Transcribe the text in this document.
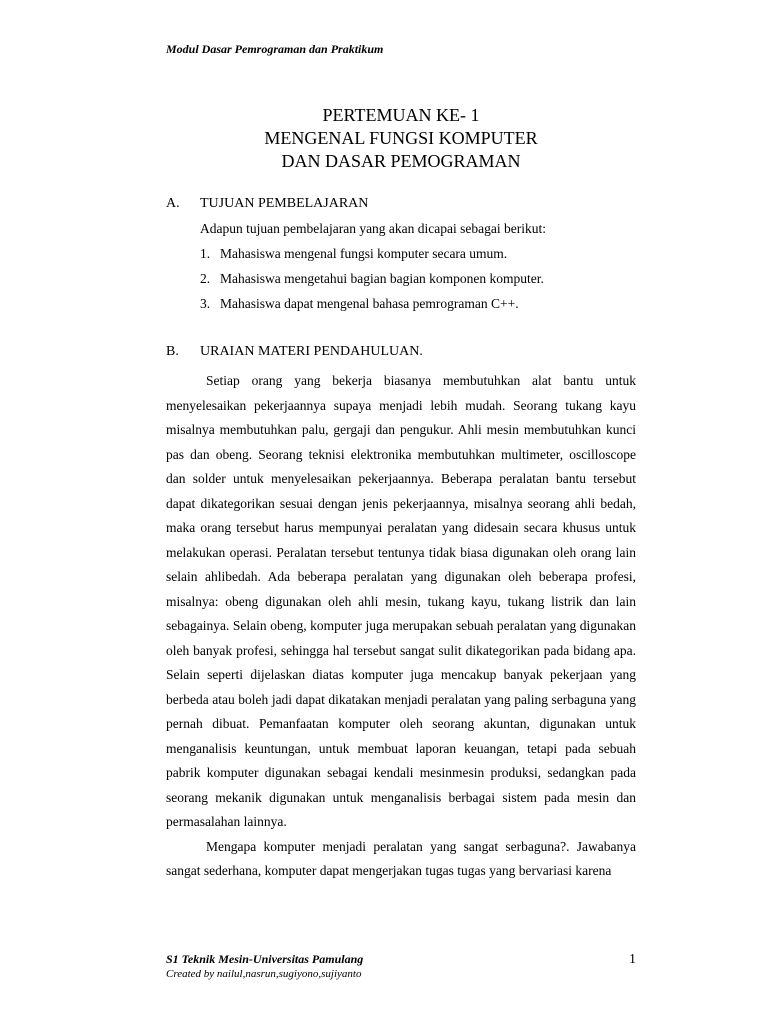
Modul Dasar Pemrograman dan Praktikum
PERTEMUAN KE- 1
MENGENAL FUNGSI KOMPUTER
DAN DASAR PEMOGRAMAN
A. TUJUAN PEMBELAJARAN
Adapun tujuan pembelajaran yang akan dicapai sebagai berikut:
1. Mahasiswa mengenal fungsi komputer secara umum.
2. Mahasiswa mengetahui bagian bagian komponen komputer.
3. Mahasiswa dapat mengenal bahasa pemrograman C++.
B. URAIAN MATERI PENDAHULUAN.

Setiap orang yang bekerja biasanya membutuhkan alat bantu untuk menyelesaikan pekerjaannya supaya menjadi lebih mudah. Seorang tukang kayu misalnya membutuhkan palu, gergaji dan pengukur. Ahli mesin membutuhkan kunci pas dan obeng. Seorang teknisi elektronika membutuhkan multimeter, oscilloscope dan solder untuk menyelesaikan pekerjaannya. Beberapa peralatan bantu tersebut dapat dikategorikan sesuai dengan jenis pekerjaannya, misalnya seorang ahli bedah, maka orang tersebut harus mempunyai peralatan yang didesain secara khusus untuk melakukan operasi. Peralatan tersebut tentunya tidak biasa digunakan oleh orang lain selain ahlibedah. Ada beberapa peralatan yang digunakan oleh beberapa profesi, misalnya: obeng digunakan oleh ahli mesin, tukang kayu, tukang listrik dan lain sebagainya. Selain obeng, komputer juga merupakan sebuah peralatan yang digunakan oleh banyak profesi, sehingga hal tersebut sangat sulit dikategorikan pada bidang apa. Selain seperti dijelaskan diatas komputer juga mencakup banyak pekerjaan yang berbeda atau boleh jadi dapat dikatakan menjadi peralatan yang paling serbaguna yang pernah dibuat. Pemanfaatan komputer oleh seorang akuntan, digunakan untuk menganalisis keuntungan, untuk membuat laporan keuangan, tetapi pada sebuah pabrik komputer digunakan sebagai kendali mesinmesin produksi, sedangkan pada seorang mekanik digunakan untuk menganalisis berbagai sistem pada mesin dan permasalahan lainnya.

Mengapa komputer menjadi peralatan yang sangat serbaguna?. Jawabanya sangat sederhana, komputer dapat mengerjakan tugas tugas yang bervariasi karena

S1 Teknik Mesin-Universitas Pamulang
Created by nailul,nasrun,sugiyono,sujiyanto
1
